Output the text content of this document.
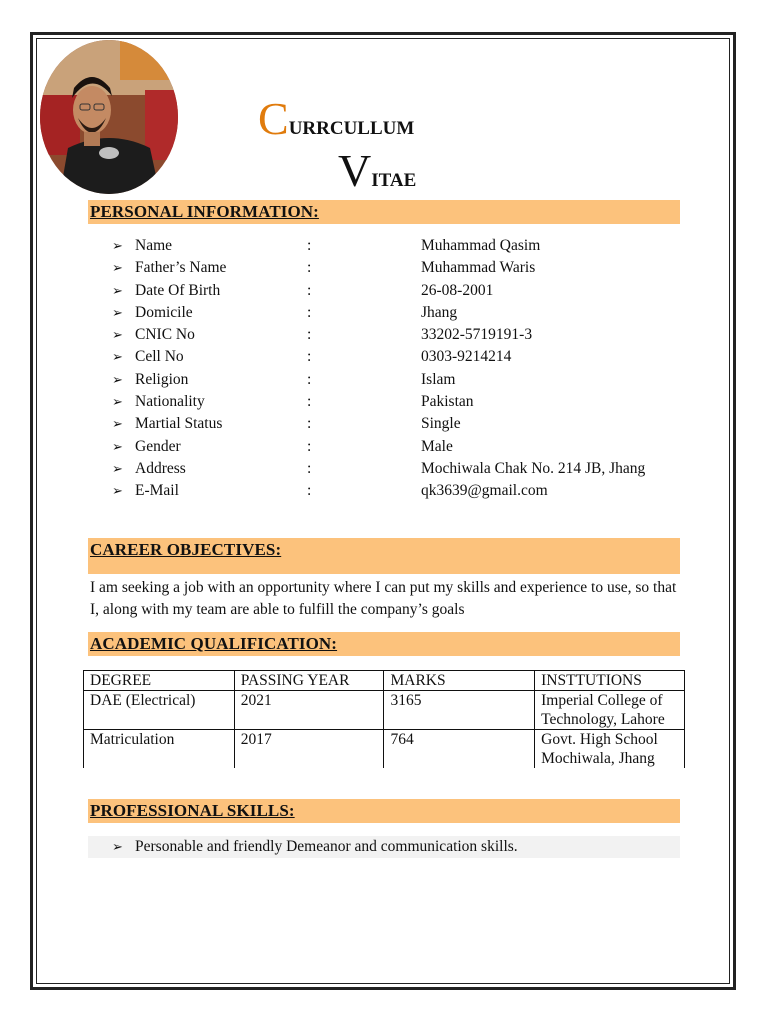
CURRCULLUM
VITAE
PERSONAL INFORMATION:
➢ Name	:	Muhammad Qasim
➢ Father’s Name	:	Muhammad Waris
➢ Date Of Birth	:	26-08-2001
➢ Domicile	:	Jhang
➢ CNIC No	:	33202-5719191-3
➢ Cell No	:	0303-9214214
➢ Religion	:	Islam
➢ Nationality	:	Pakistan
➢ Martial Status	:	Single
➢ Gender	:	Male
➢ Address	:	Mochiwala Chak No. 214 JB, Jhang
➢ E-Mail	:	qk3639@gmail.com
CAREER OBJECTIVES:
I am seeking a job with an opportunity where I can put my skills and experience to use, so that I, along with my team are able to fulfill the company’s goals
ACADEMIC QUALIFICATION:
DEGREE	PASSING YEAR	MARKS	INSTTUTIONS
DAE (Electrical)	2021	3165	Imperial College of Technology, Lahore
Matriculation	2017	764	Govt. High School Mochiwala, Jhang
PROFESSIONAL SKILLS:
➢ Personable and friendly Demeanor and communication skills.
